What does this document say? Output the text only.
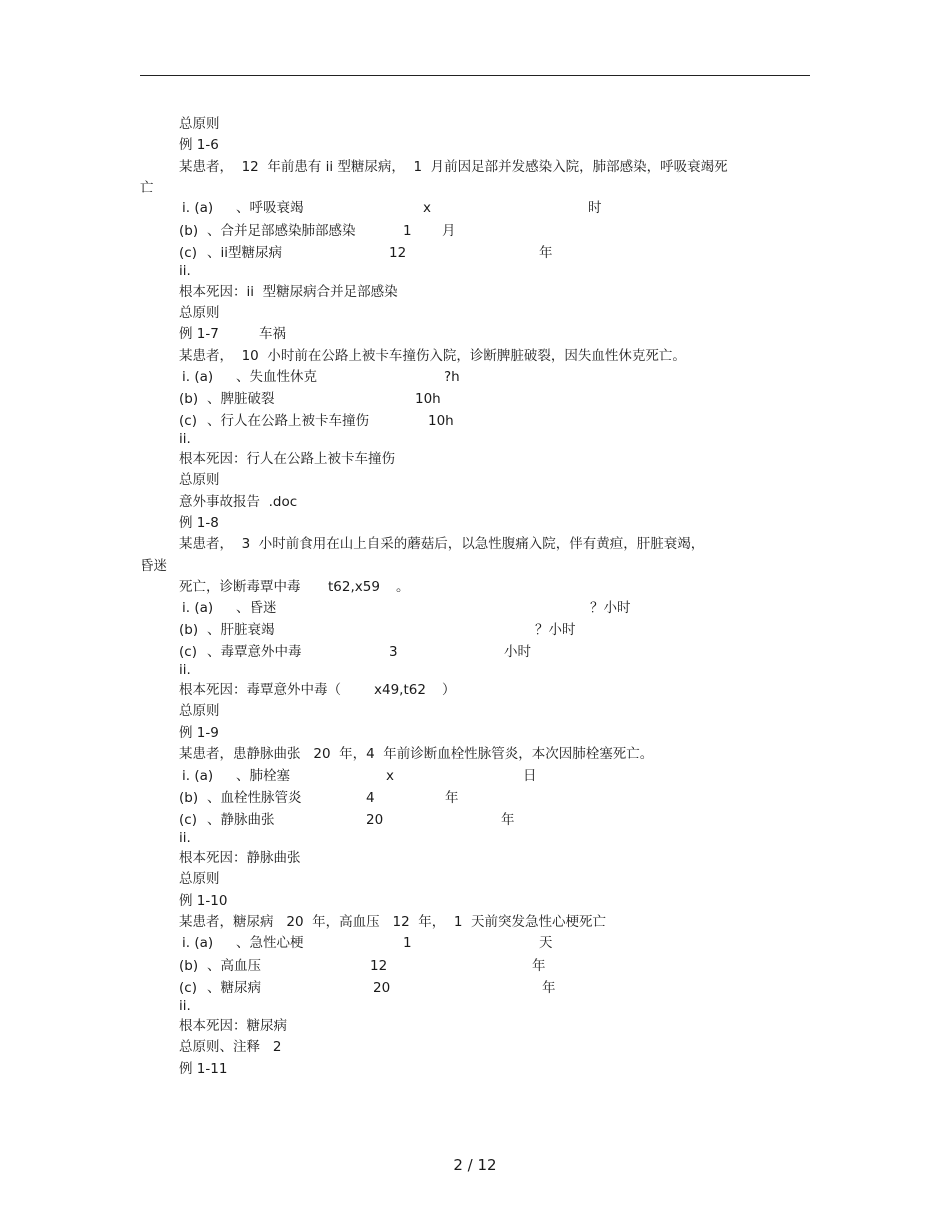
总原则
例 1-6
某患者，  12  年前患有 ii 型糖尿病，  1  月前因足部并发感染入院，肺部感染，呼吸衰竭死
亡
i. (a) 、呼吸衰竭	x	时
(b) 、合并足部感染肺部感染	1 月
(c) 、ii型糖尿病	12	年
ii.
根本死因：ii  型糖尿病合并足部感染
总原则
例 1-7	车祸
某患者，  10  小时前在公路上被卡车撞伤入院，诊断脾脏破裂，因失血性休克死亡。
i. (a) 、失血性休克	?h
(b) 、脾脏破裂	10h
(c) 、行人在公路上被卡车撞伤	10h
ii.
根本死因：行人在公路上被卡车撞伤
总原则
意外事故报告  .doc
例 1-8
某患者，  3  小时前食用在山上自采的蘑菇后，以急性腹痛入院，伴有黄疸，肝脏衰竭，
昏迷
死亡，诊断毒覃中毒 t62,x59 。
i. (a) 、昏迷	？小时
(b) 、肝脏衰竭	？小时
(c) 、毒覃意外中毒	3	小时
ii.
根本死因：毒覃意外中毒（ x49,t62 ）
总原则
例 1-9
某患者，患静脉曲张   20  年，4  年前诊断血栓性脉管炎，本次因肺栓塞死亡。
i. (a) 、肺栓塞	x	日
(b) 、血栓性脉管炎	4	年
(c) 、静脉曲张	20	年
ii.
根本死因：静脉曲张
总原则
例 1-10
某患者，糖尿病   20  年，高血压   12  年，  1  天前突发急性心梗死亡
i. (a) 、急性心梗	1	天
(b) 、高血压	12	年
(c) 、糖尿病	20	年
ii.
根本死因：糖尿病
总原则、注释   2
例 1-11
2 / 12
